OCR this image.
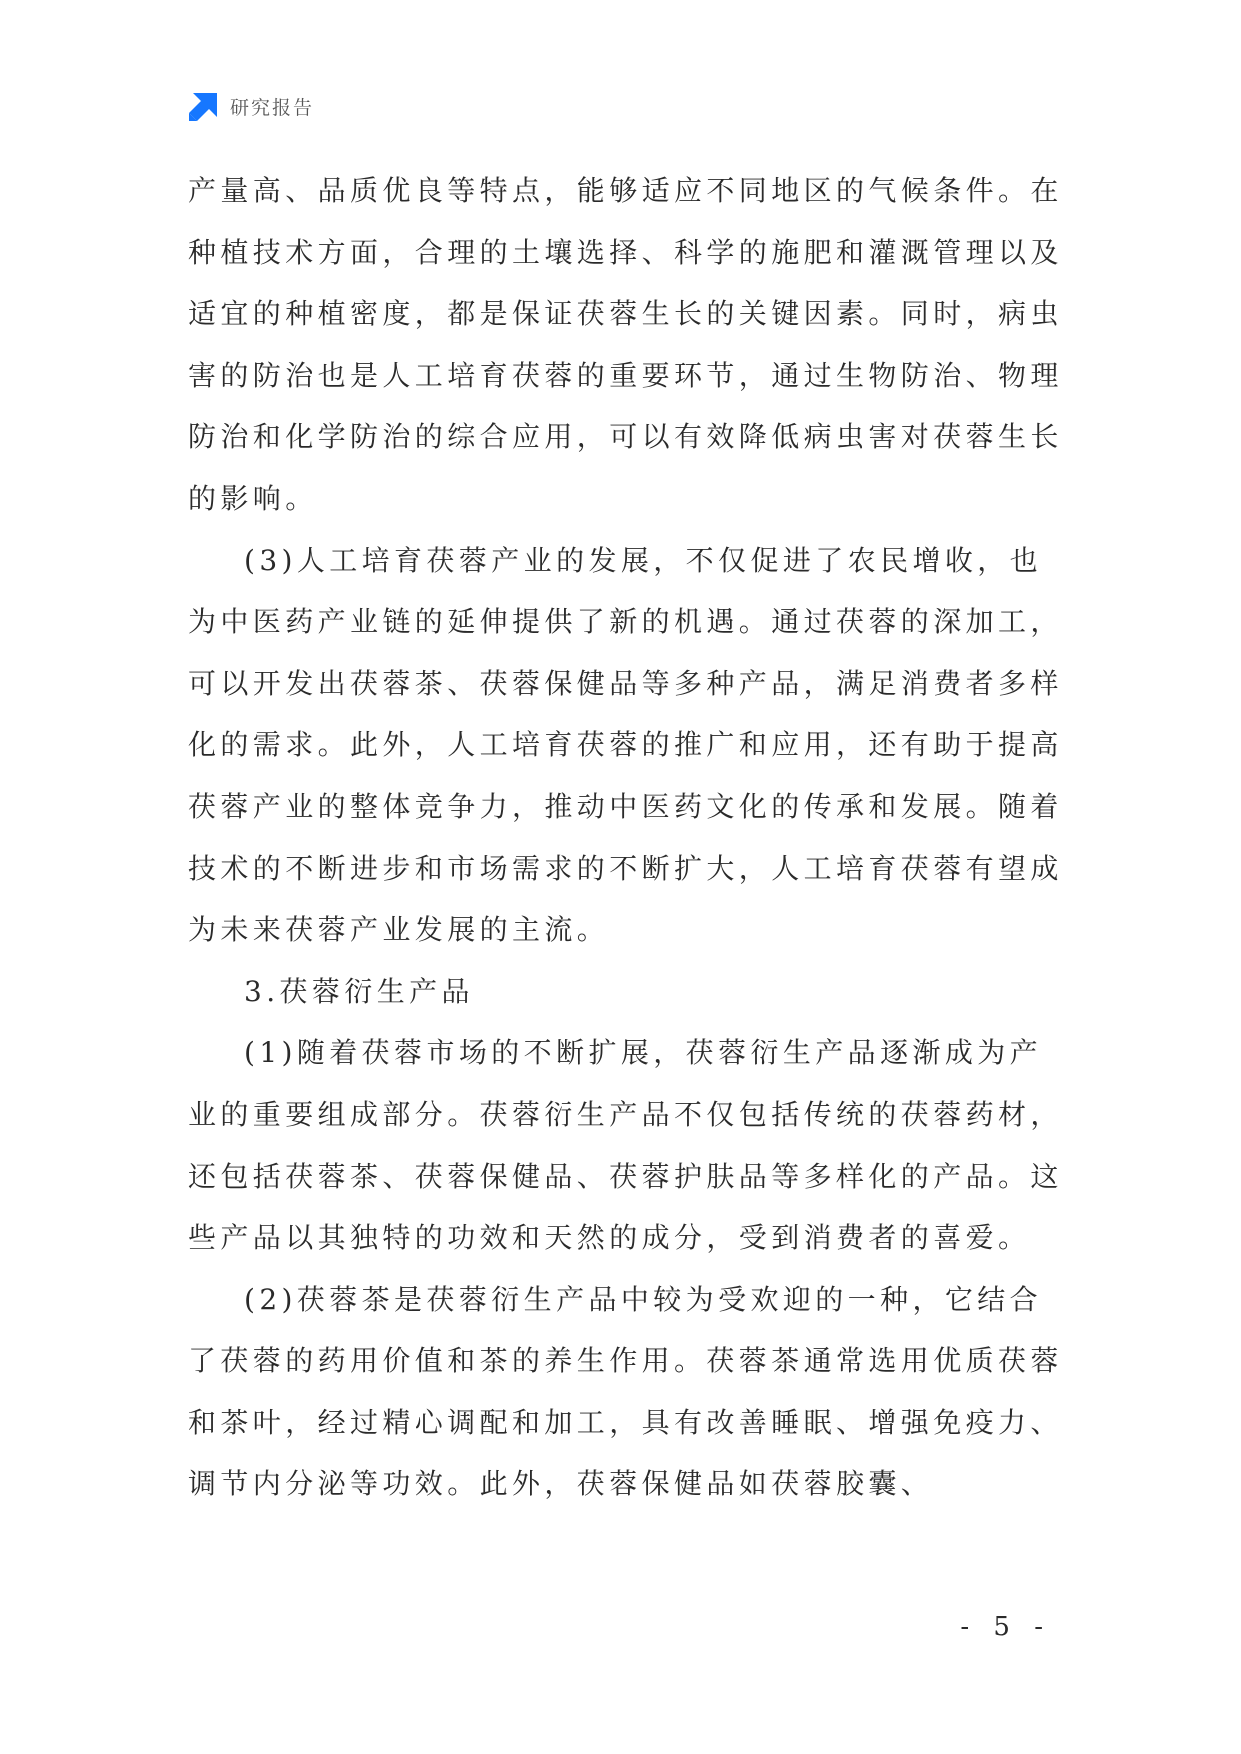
研究报告

产量高、品质优良等特点，能够适应不同地区的气候条件。在种植技术方面，合理的土壤选择、科学的施肥和灌溉管理以及适宜的种植密度，都是保证茯蓉生长的关键因素。同时，病虫害的防治也是人工培育茯蓉的重要环节，通过生物防治、物理防治和化学防治的综合应用，可以有效降低病虫害对茯蓉生长的影响。

(3)人工培育茯蓉产业的发展，不仅促进了农民增收，也为中医药产业链的延伸提供了新的机遇。通过茯蓉的深加工，可以开发出茯蓉茶、茯蓉保健品等多种产品，满足消费者多样化的需求。此外，人工培育茯蓉的推广和应用，还有助于提高茯蓉产业的整体竞争力，推动中医药文化的传承和发展。随着技术的不断进步和市场需求的不断扩大，人工培育茯蓉有望成为未来茯蓉产业发展的主流。

3.茯蓉衍生产品

(1)随着茯蓉市场的不断扩展，茯蓉衍生产品逐渐成为产业的重要组成部分。茯蓉衍生产品不仅包括传统的茯蓉药材，还包括茯蓉茶、茯蓉保健品、茯蓉护肤品等多样化的产品。这些产品以其独特的功效和天然的成分，受到消费者的喜爱。

(2)茯蓉茶是茯蓉衍生产品中较为受欢迎的一种，它结合了茯蓉的药用价值和茶的养生作用。茯蓉茶通常选用优质茯蓉和茶叶，经过精心调配和加工，具有改善睡眠、增强免疫力、调节内分泌等功效。此外，茯蓉保健品如茯蓉胶囊、

- 5 -
